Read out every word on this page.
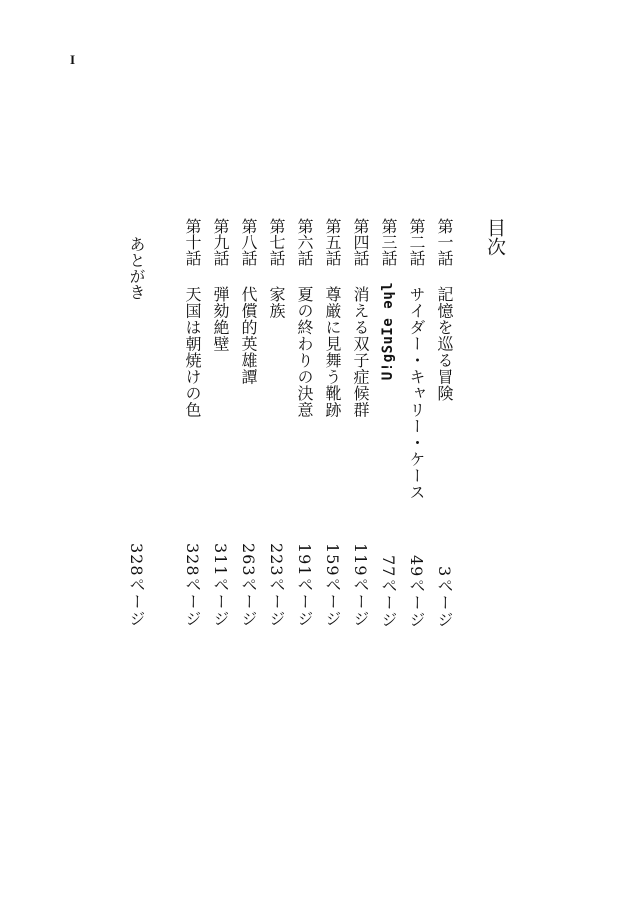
I
目次
第一話
記憶を巡る冒険
3ページ
第二話
サイダー・キャリー・ケース
49ページ
第三話
U!gSuIe ǝɥl
77ページ
第四話
消える双子症候群
119ページ
第五話
尊厳に見舞う靴跡
159ページ
第六話
夏の終わりの決意
191ページ
第七話
家族
223ページ
第八話
代償的英雄譚
263ページ
第九話
弾劾絶壁
311ページ
第十話
天国は朝焼けの色
328ページ
あとがき
328ページ
